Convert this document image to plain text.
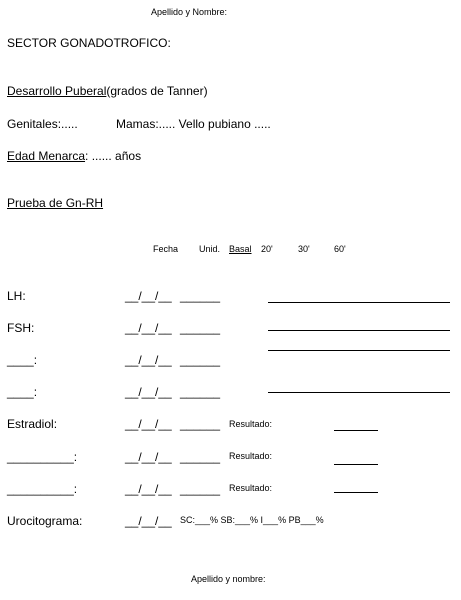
Apellido y Nombre:
SECTOR GONADOTROFICO:
Desarrollo Puberal(grados de Tanner)
Genitales:.....	Mamas:..... Vello pubiano .....
Edad Menarca: ...... años
Prueba de Gn-RH
Fecha Unid. Basal 20'	30'	60'
LH:	__/__/__ ______
FSH:	__/__/__ ______
____:	__/__/__ ______
____:	__/__/__ ______
Estradiol:	__/__/__ ______ Resultado:
__________:	__/__/__ ______ Resultado:
__________:	__/__/__ ______ Resultado:
Urocitograma:	__/__/__ SC:___% SB:___% I___% PB___%
Apellido y nombre:
